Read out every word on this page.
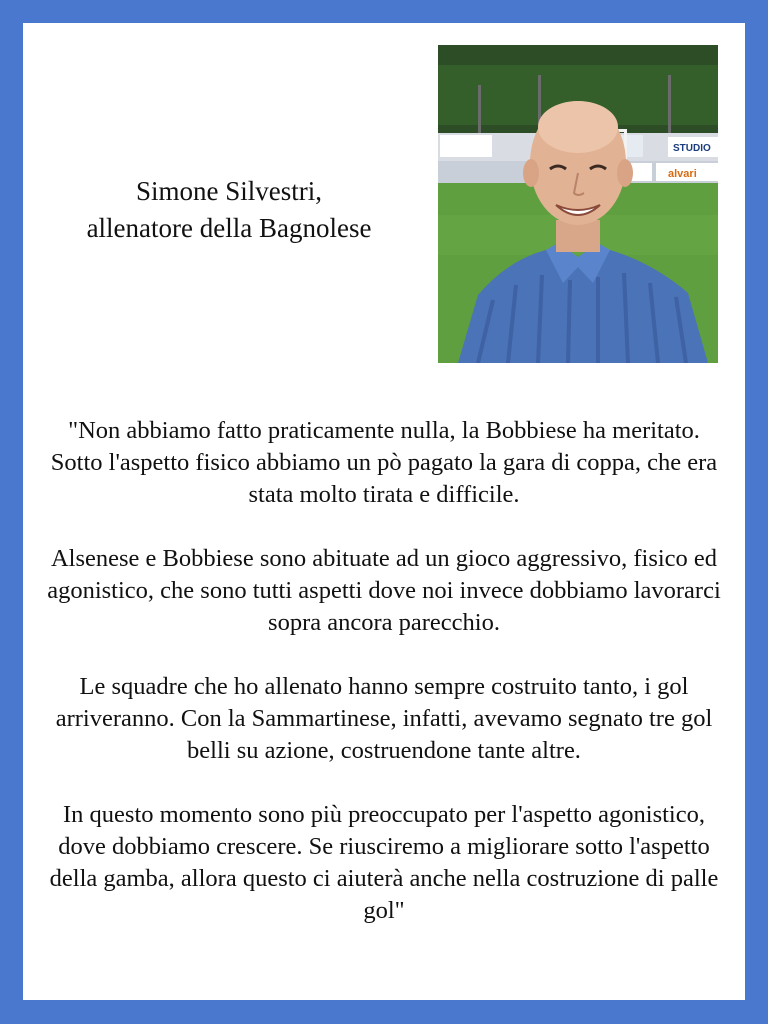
Simone Silvestri,
allenatore della Bagnolese
STUDIO
alvari

"Non abbiamo fatto praticamente nulla, la Bobbiese ha meritato. Sotto l'aspetto fisico abbiamo un pò pagato la gara di coppa, che era stata molto tirata e difficile.

Alsenese e Bobbiese sono abituate ad un gioco aggressivo, fisico ed agonistico, che sono tutti aspetti dove noi invece dobbiamo lavorarci sopra ancora parecchio.

Le squadre che ho allenato hanno sempre costruito tanto, i gol arriveranno. Con la Sammartinese, infatti, avevamo segnato tre gol belli su azione, costruendone tante altre.

In questo momento sono più preoccupato per l'aspetto agonistico, dove dobbiamo crescere. Se riusciremo a migliorare sotto l'aspetto della gamba, allora questo ci aiuterà anche nella costruzione di palle gol"
